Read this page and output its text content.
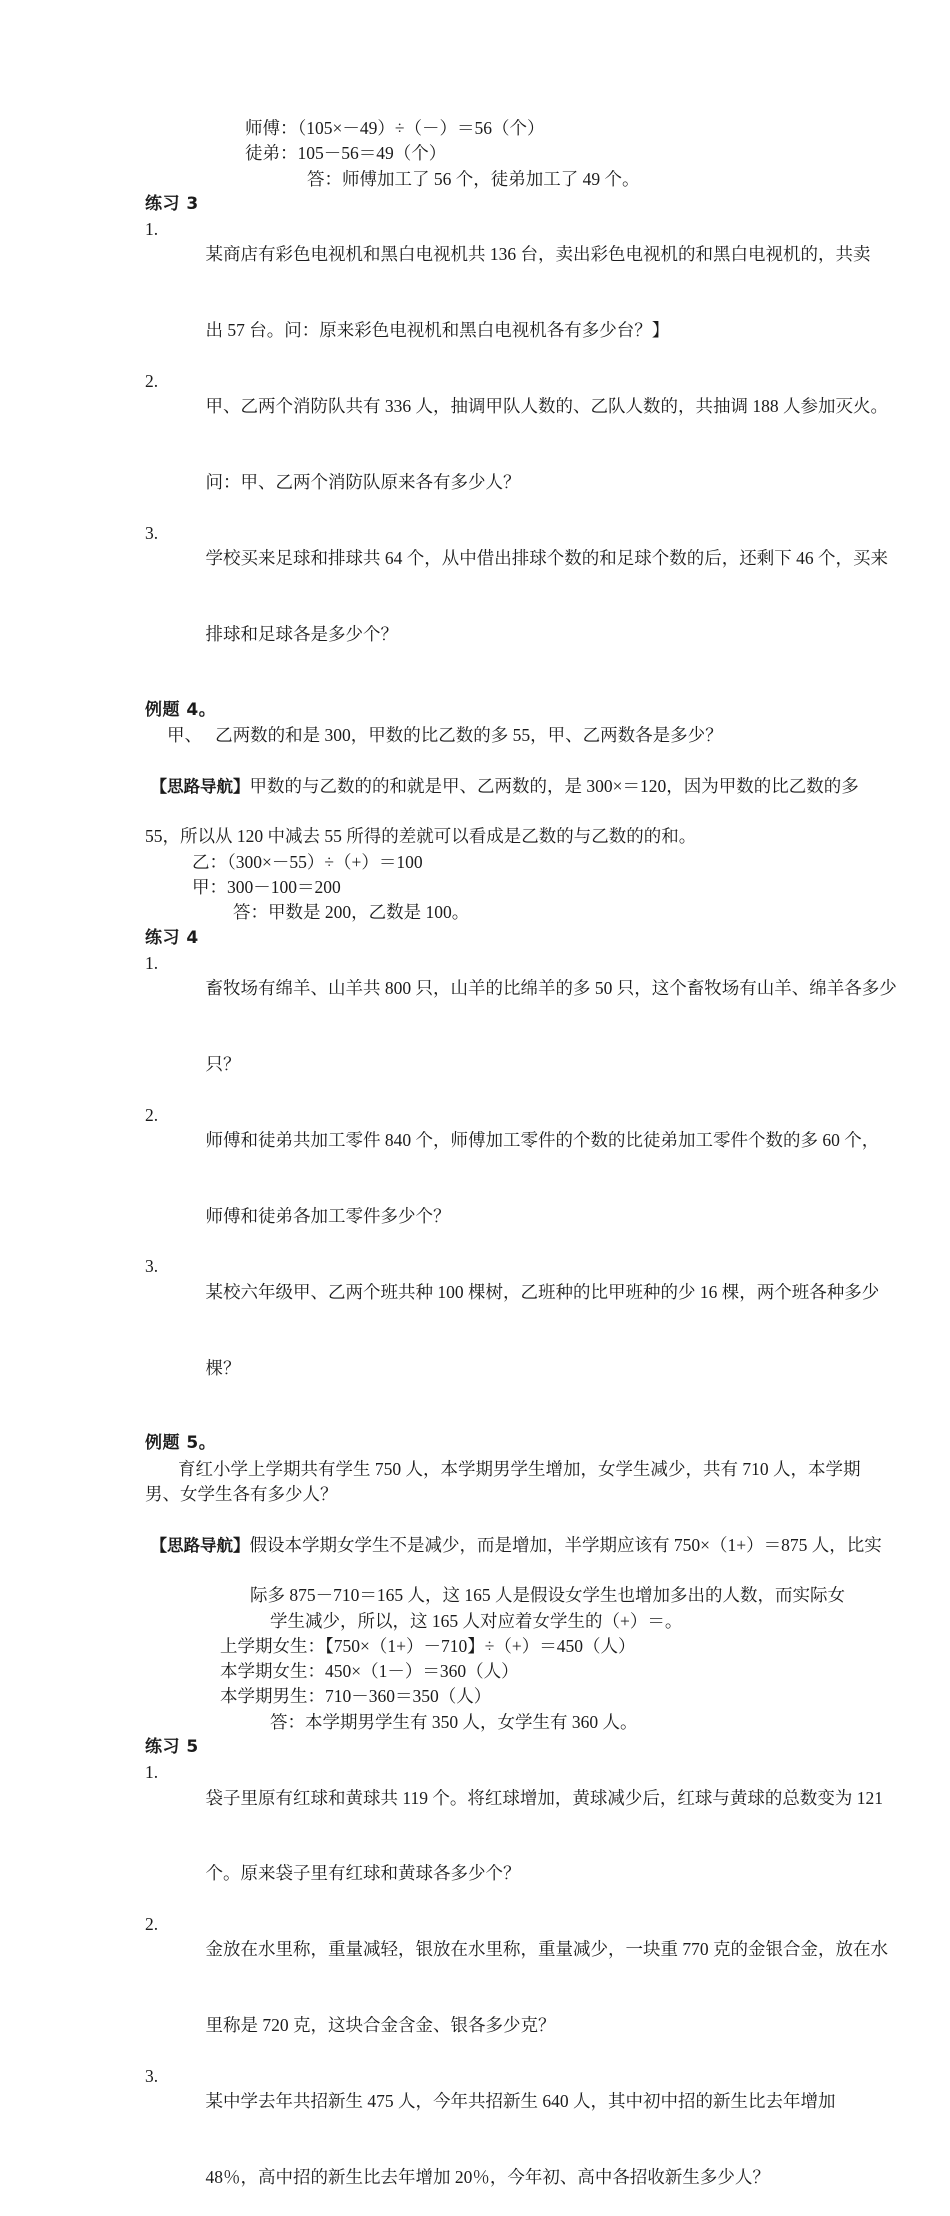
师傅：（105×－49）÷（－）＝56（个）
徒弟：105－56＝49（个）
答：师傅加工了 56 个，徒弟加工了 49 个。
练习 3

1.
某商店有彩色电视机和黑白电视机共 136 台，卖出彩色电视机的和黑白电视机的，共卖

出 57 台。问：原来彩色电视机和黑白电视机各有多少台？】

2.
甲、乙两个消防队共有 336 人，抽调甲队人数的、乙队人数的，共抽调 188 人参加灭火。

问：甲、乙两个消防队原来各有多少人？

3.
学校买来足球和排球共 64 个，从中借出排球个数的和足球个数的后，还剩下 46 个，买来

排球和足球各是多少个？

例题 4。
甲、　 乙两数的和是 300，甲数的比乙数的多 55，甲、乙两数各是多少？

【思路导航】甲数的与乙数的的和就是甲、乙两数的，是 300×＝120，因为甲数的比乙数的多

55，所以从 120 中减去 55 所得的差就可以看成是乙数的与乙数的的和。
乙：（300×－55）÷（+）＝100
甲：300－100＝200
答：甲数是 200，乙数是 100。
练习 4

1.
畜牧场有绵羊、山羊共 800 只，山羊的比绵羊的多 50 只，这个畜牧场有山羊、绵羊各多少

只？

2.
师傅和徒弟共加工零件 840 个，师傅加工零件的个数的比徒弟加工零件个数的多 60 个，

师傅和徒弟各加工零件多少个？

3.
某校六年级甲、乙两个班共种 100 棵树，乙班种的比甲班种的少 16 棵，两个班各种多少

棵？

例题 5。
育红小学上学期共有学生 750 人，本学期男学生增加，女学生减少，共有 710 人，本学期
男、女学生各有多少人？

【思路导航】假设本学期女学生不是减少，而是增加，半学期应该有 750×（1+）＝875 人，比实

际多 875－710＝165 人，这 165 人是假设女学生也增加多出的人数，而实际女
学生减少，所以，这 165 人对应着女学生的（+）＝。
上学期女生：【750×（1+）－710】÷（+）＝450（人）
本学期女生：450×（1－）＝360（人）
本学期男生：710－360＝350（人）
答：本学期男学生有 350 人，女学生有 360 人。
练习 5

1.
袋子里原有红球和黄球共 119 个。将红球增加，黄球减少后，红球与黄球的总数变为 121

个。原来袋子里有红球和黄球各多少个？

2.
金放在水里称，重量减轻，银放在水里称，重量减少，一块重 770 克的金银合金，放在水

里称是 720 克，这块合金含金、银各多少克？

3.
某中学去年共招新生 475 人，今年共招新生 640 人，其中初中招的新生比去年增加

48％，高中招的新生比去年增加 20％，今年初、高中各招收新生多少人？
